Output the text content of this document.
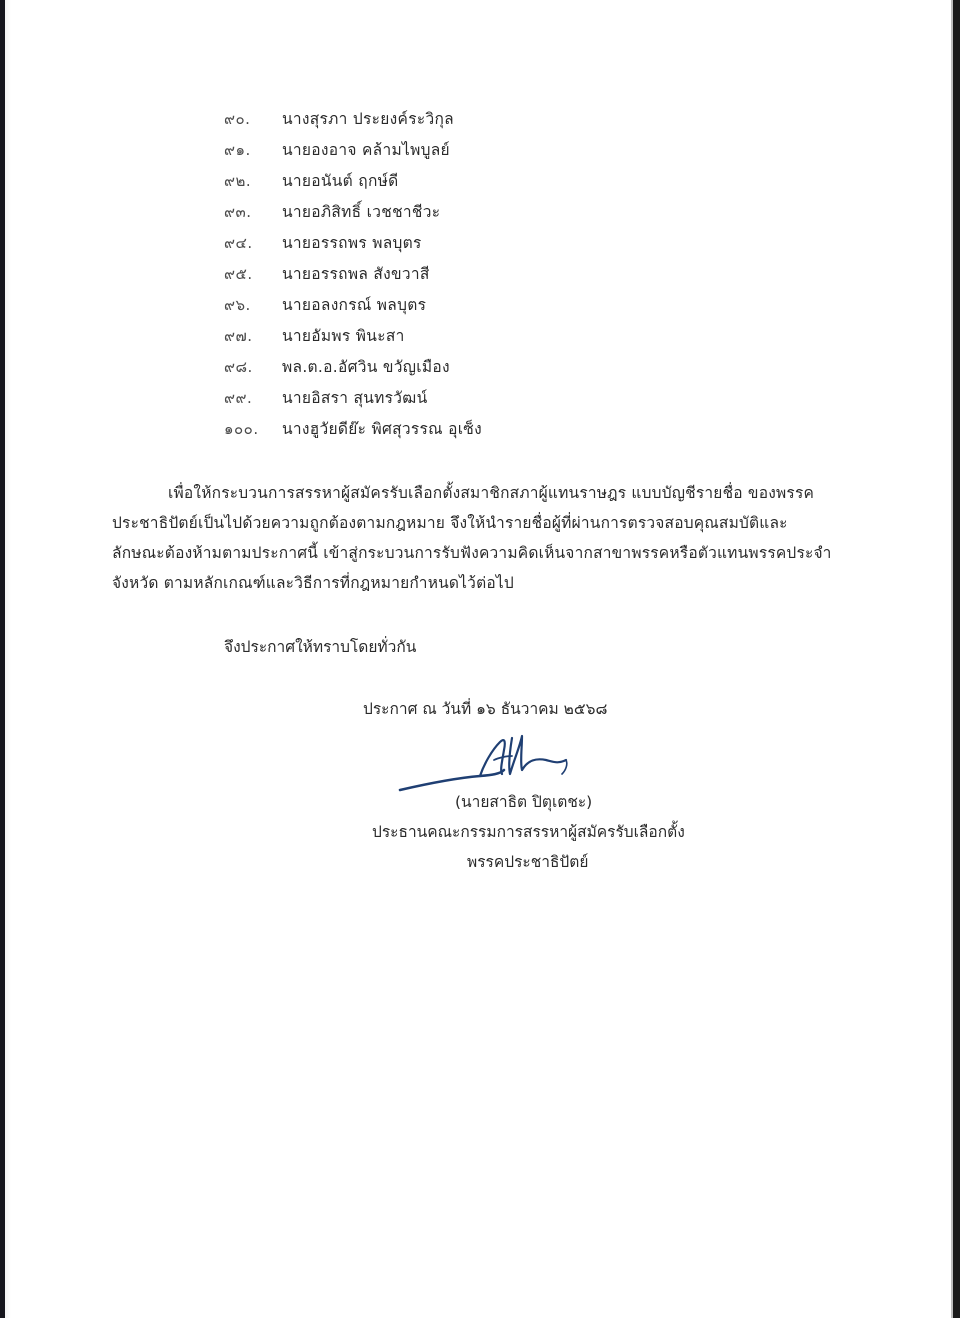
๙๐.	นางสุรภา ประยงค์ระวิกุล
๙๑.	นายองอาจ คล้ามไพบูลย์
๙๒.	นายอนันต์ ฤกษ์ดี
๙๓.	นายอภิสิทธิ์ เวชชาชีวะ
๙๔.	นายอรรถพร พลบุตร
๙๕.	นายอรรถพล สังขวาสี
๙๖.	นายอลงกรณ์ พลบุตร
๙๗.	นายอัมพร พินะสา
๙๘.	พล.ต.อ.อัศวิน ขวัญเมือง
๙๙.	นายอิสรา สุนทรวัฒน์
๑๐๐.	นางฮูวัยดีย๊ะ พิศสุวรรณ อุเซ็ง
เพื่อให้กระบวนการสรรหาผู้สมัครรับเลือกตั้งสมาชิกสภาผู้แทนราษฎร แบบบัญชีรายชื่อ ของพรรค
ประชาธิปัตย์เป็นไปด้วยความถูกต้องตามกฎหมาย จึงให้นำรายชื่อผู้ที่ผ่านการตรวจสอบคุณสมบัติและ
ลักษณะต้องห้ามตามประกาศนี้ เข้าสู่กระบวนการรับฟังความคิดเห็นจากสาขาพรรคหรือตัวแทนพรรคประจำ
จังหวัด ตามหลักเกณฑ์และวิธีการที่กฎหมายกำหนดไว้ต่อไป
จึงประกาศให้ทราบโดยทั่วกัน
ประกาศ ณ วันที่ ๑๖ ธันวาคม ๒๕๖๘
(นายสาธิต ปิตุเตชะ)
ประธานคณะกรรมการสรรหาผู้สมัครรับเลือกตั้ง
พรรคประชาธิปัตย์
